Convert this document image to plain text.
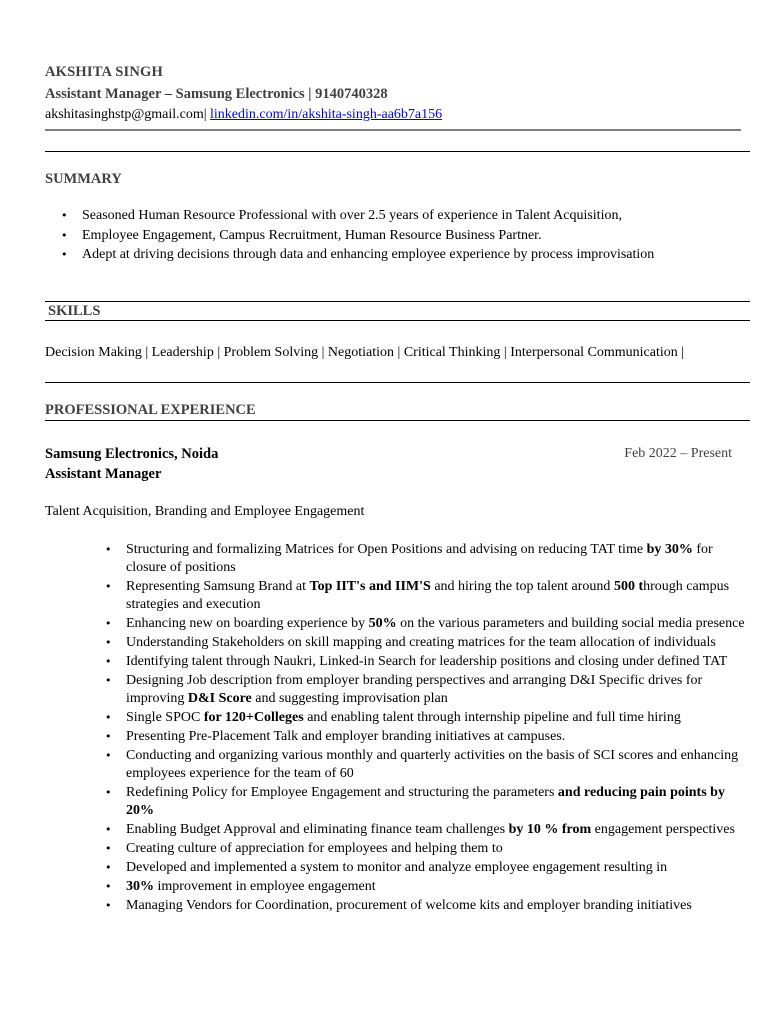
AKSHITA SINGH
Assistant Manager – Samsung Electronics | 9140740328
akshitasinghstp@gmail.com| linkedin.com/in/akshita-singh-aa6b7a156
SUMMARY
• Seasoned Human Resource Professional with over 2.5 years of experience in Talent Acquisition,
• Employee Engagement, Campus Recruitment, Human Resource Business Partner.
• Adept at driving decisions through data and enhancing employee experience by process improvisation
SKILLS
Decision Making | Leadership | Problem Solving | Negotiation | Critical Thinking | Interpersonal Communication |
PROFESSIONAL EXPERIENCE
Samsung Electronics, Noida
Assistant Manager
Feb 2022 – Present
Talent Acquisition, Branding and Employee Engagement
• Structuring and formalizing Matrices for Open Positions and advising on reducing TAT time by 30% for closure of positions
• Representing Samsung Brand at Top IIT's and IIM'S and hiring the top talent around 500 through campus strategies and execution
• Enhancing new on boarding experience by 50% on the various parameters and building social media presence
• Understanding Stakeholders on skill mapping and creating matrices for the team allocation of individuals
• Identifying talent through Naukri, Linked-in Search for leadership positions and closing under defined TAT
• Designing Job description from employer branding perspectives and arranging D&I Specific drives for improving D&I Score and suggesting improvisation plan
• Single SPOC for 120+Colleges and enabling talent through internship pipeline and full time hiring
• Presenting Pre-Placement Talk and employer branding initiatives at campuses.
• Conducting and organizing various monthly and quarterly activities on the basis of SCI scores and enhancing employees experience for the team of 60
• Redefining Policy for Employee Engagement and structuring the parameters and reducing pain points by 20%
• Enabling Budget Approval and eliminating finance team challenges by 10 % from engagement perspectives
• Creating culture of appreciation for employees and helping them to
• Developed and implemented a system to monitor and analyze employee engagement resulting in
• 30% improvement in employee engagement
• Managing Vendors for Coordination, procurement of welcome kits and employer branding initiatives
